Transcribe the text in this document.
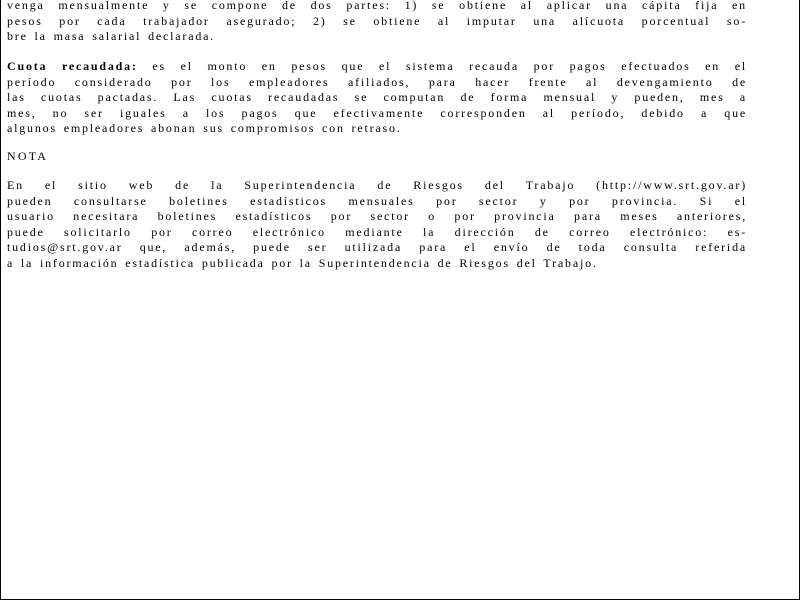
venga mensualmente y se compone de dos partes: 1) se obtiene al aplicar una cápita fija en
pesos por cada trabajador asegurado; 2) se obtiene al imputar una alícuota porcentual so-
bre la masa salarial declarada.
Cuota recaudada: es el monto en pesos que el sistema recauda por pagos efectuados en el
período considerado por los empleadores afiliados, para hacer frente al devengamiento de
las cuotas pactadas. Las cuotas recaudadas se computan de forma mensual y pueden, mes a
mes, no ser iguales a los pagos que efectivamente corresponden al período, debido a que
algunos empleadores abonan sus compromisos con retraso.
NOTA
En el sitio web de la Superintendencia de Riesgos del Trabajo (http://www.srt.gov.ar)
pueden consultarse boletines estadísticos mensuales por sector y por provincia. Si el
usuario necesitara boletines estadísticos por sector o por provincia para meses anteriores,
puede solicitarlo por correo electrónico mediante la dirección de correo electrónico: es-
tudios@srt.gov.ar que, además, puede ser utilizada para el envío de toda consulta referida
a la información estadística publicada por la Superintendencia de Riesgos del Trabajo.
